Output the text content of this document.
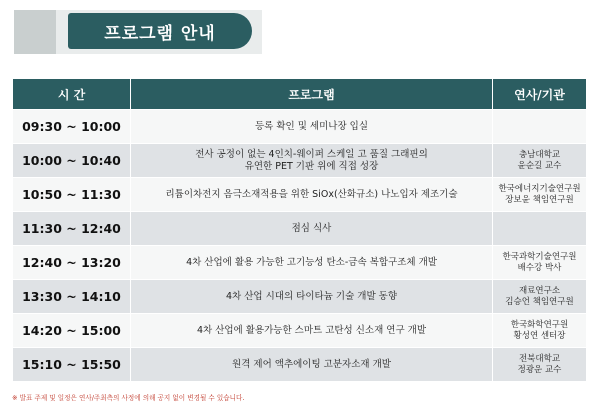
프로그램 안내
시 간	프로그램	연사/기관
09:30 ~ 10:00	등록 확인 및 세미나장 입실	
10:00 ~ 10:40	전사 공정이 없는 4인치-웨이퍼 스케일 고 품질 그래핀의
유연한 PET 기판 위에 직접 성장	충남대학교
윤순길 교수
10:50 ~ 11:30	리튬이차전지 음극소재적용을 위한 SiOx(산화규소) 나노입자 제조기술	한국에너지기술연구원
장보윤 책임연구원
11:30 ~ 12:40	점심 식사	
12:40 ~ 13:20	4차 산업에 활용 가능한 고기능성 탄소-금속 복합구조체 개발	한국과학기술연구원
배수강 박사
13:30 ~ 14:10	4차 산업 시대의 타이타늄 기술 개발 동향	재료연구소
김승언 책임연구원
14:20 ~ 15:00	4차 산업에 활용가능한 스마트 고탄성 신소재 연구 개발	한국화학연구원
황성연 센터장
15:10 ~ 15:50	원격 제어 액추에이팅 고분자소재 개발	전북대학교
정광운 교수
※ 발표 주제 및 일정은 연사/주최측의 사정에 의해 공지 없이 변경될 수 있습니다.
